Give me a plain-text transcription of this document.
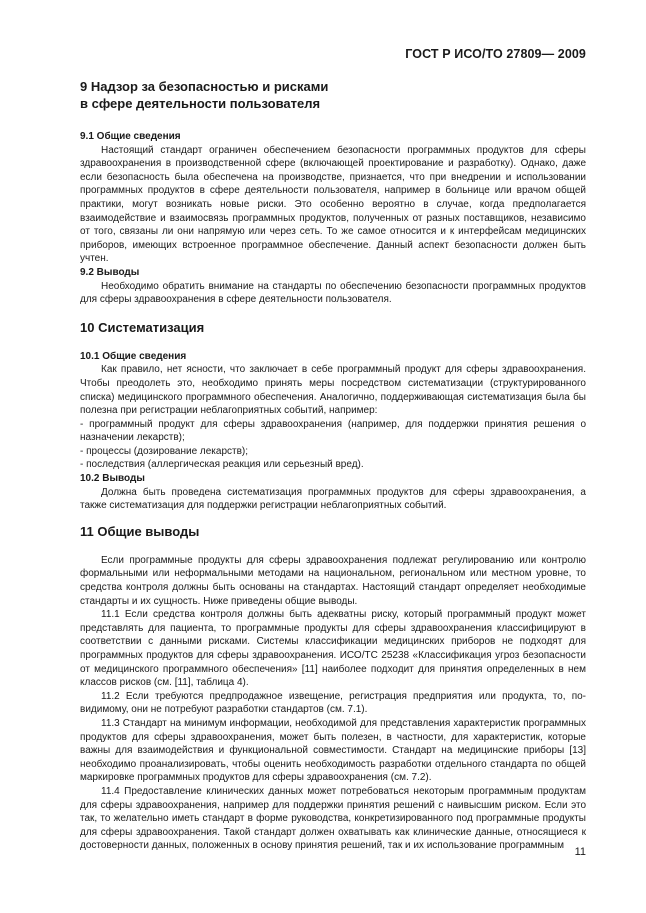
ГОСТ Р ИСО/ТО 27809— 2009
9 Надзор за безопасностью и рисками
в сфере деятельности пользователя
9.1 Общие сведения

Настоящий стандарт ограничен обеспечением безопасности программных продуктов для сферы здравоохранения в производственной сфере (включающей проектирование и разработку). Однако, даже если безопасность была обеспечена на производстве, признается, что при внедрении и использовании программных продуктов в сфере деятельности пользователя, например в больнице или врачом общей практики, могут возникать новые риски. Это особенно вероятно в случае, когда предполагается взаимодействие и взаимосвязь программных продуктов, полученных от разных поставщиков, независимо от того, связаны ли они напрямую или через сеть. То же самое относится и к интерфейсам медицинских приборов, имеющих встроенное программное обеспечение. Данный аспект безопасности должен быть учтен.

9.2 Выводы

Необходимо обратить внимание на стандарты по обеспечению безопасности программных продуктов для сферы здравоохранения в сфере деятельности пользователя.

10 Систематизация
10.1 Общие сведения

Как правило, нет ясности, что заключает в себе программный продукт для сферы здравоохранения. Чтобы преодолеть это, необходимо принять меры посредством систематизации (структурированного списка) медицинского программного обеспечения. Аналогично, поддерживающая систематизация была бы полезна при регистрации неблагоприятных событий, например:

- программный продукт для сферы здравоохранения (например, для поддержки принятия решения о назначении лекарств);

- процессы (дозирование лекарств);

- последствия (аллергическая реакция или серьезный вред).

10.2 Выводы

Должна быть проведена систематизация программных продуктов для сферы здравоохранения, а также систематизация для поддержки регистрации неблагоприятных событий.

11 Общие выводы

Если программные продукты для сферы здравоохранения подлежат регулированию или контролю формальными или неформальными методами на национальном, региональном или местном уровне, то средства контроля должны быть основаны на стандартах. Настоящий стандарт определяет необходимые стандарты и их сущность. Ниже приведены общие выводы.

11.1 Если средства контроля должны быть адекватны риску, который программный продукт может представлять для пациента, то программные продукты для сферы здравоохранения классифицируют в соответствии с данными рисками. Системы классификации медицинских приборов не подходят для программных продуктов для сферы здравоохранения. ИСО/ТС 25238 «Классификация угроз безопасности от медицинского программного обеспечения» [11] наиболее подходит для принятия определенных в нем классов рисков (см. [11], таблица 4).

11.2 Если требуются предпродажное извещение, регистрация предприятия или продукта, то, по-видимому, они не потребуют разработки стандартов (см. 7.1).

11.3 Стандарт на минимум информации, необходимой для представления характеристик программных продуктов для сферы здравоохранения, может быть полезен, в частности, для характеристик, которые важны для взаимодействия и функциональной совместимости. Стандарт на медицинские приборы [13] необходимо проанализировать, чтобы оценить необходимость разработки отдельного стандарта по общей маркировке программных продуктов для сферы здравоохранения (см. 7.2).

11.4 Предоставление клинических данных может потребоваться некоторым программным продуктам для сферы здравоохранения, например для поддержки принятия решений с наивысшим риском. Если это так, то желательно иметь стандарт в форме руководства, конкретизированного под программные продукты для сферы здравоохранения. Такой стандарт должен охватывать как клинические данные, относящиеся к достоверности данных, положенных в основу принятия решений, так и их использование программным

11
